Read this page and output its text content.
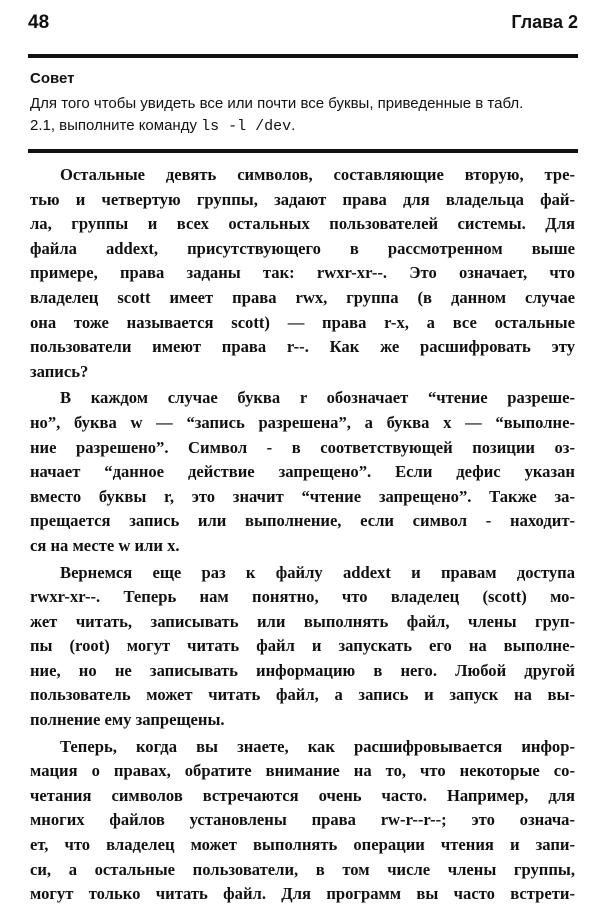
48	Глава 2
Совет
Для того чтобы увидеть все или почти все буквы, приведенные в табл.
2.1, выполните команду ls -l /dev.
Остальные девять символов, составляющие вторую, тре-
тью и четвертую группы, задают права для владельца фай-
ла, группы и всех остальных пользователей системы. Для
файла addext, присутствующего в рассмотренном выше
примере, права заданы так: rwxr-xr--. Это означает, что
владелец scott имеет права rwx, группа (в данном случае
она тоже называется scott) — права r-x, а все остальные
пользователи имеют права r--. Как же расшифровать эту
запись?
В каждом случае буква r обозначает “чтение разреше-
но”, буква w — “запись разрешена”, а буква x — “выполне-
ние разрешено”. Символ - в соответствующей позиции оз-
начает “данное действие запрещено”. Если дефис указан
вместо буквы r, это значит “чтение запрещено”. Также за-
прещается запись или выполнение, если символ - находит-
ся на месте w или x.
Вернемся еще раз к файлу addext и правам доступа
rwxr-xr--. Теперь нам понятно, что владелец (scott) мо-
жет читать, записывать или выполнять файл, члены груп-
пы (root) могут читать файл и запускать его на выполне-
ние, но не записывать информацию в него. Любой другой
пользователь может читать файл, а запись и запуск на вы-
полнение ему запрещены.
Теперь, когда вы знаете, как расшифровывается инфор-
мация о правах, обратите внимание на то, что некоторые со-
четания символов встречаются очень часто. Например, для
многих файлов установлены права rw-r--r--; это означа-
ет, что владелец может выполнять операции чтения и запи-
си, а остальные пользователи, в том числе члены группы,
могут только читать файл. Для программ вы часто встрети-
